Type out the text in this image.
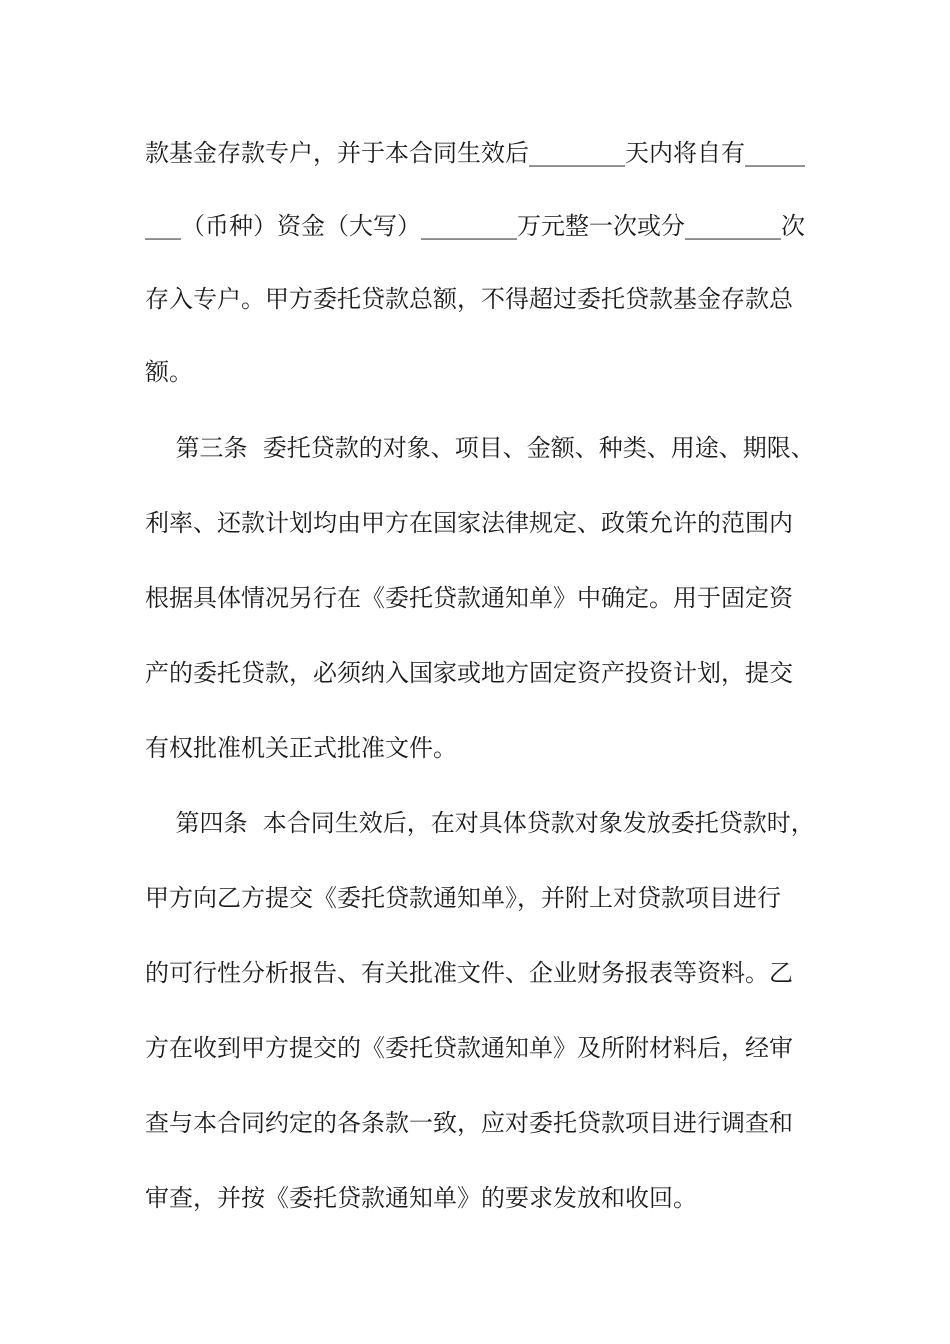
款基金存款专户，并于本合同生效后________天内将自有_____
___（币种）资金（大写）________万元整一次或分________次
存入专户。甲方委托贷款总额，不得超过委托贷款基金存款总
额。
第三条  委托贷款的对象、项目、金额、种类、用途、期限、
利率、还款计划均由甲方在国家法律规定、政策允许的范围内
根据具体情况另行在《委托贷款通知单》中确定。用于固定资
产的委托贷款，必须纳入国家或地方固定资产投资计划，提交
有权批准机关正式批准文件。
第四条  本合同生效后，在对具体贷款对象发放委托贷款时，
甲方向乙方提交《委托贷款通知单》，并附上对贷款项目进行
的可行性分析报告、有关批准文件、企业财务报表等资料。乙
方在收到甲方提交的《委托贷款通知单》及所附材料后，经审
查与本合同约定的各条款一致，应对委托贷款项目进行调查和
审查，并按《委托贷款通知单》的要求发放和收回。
